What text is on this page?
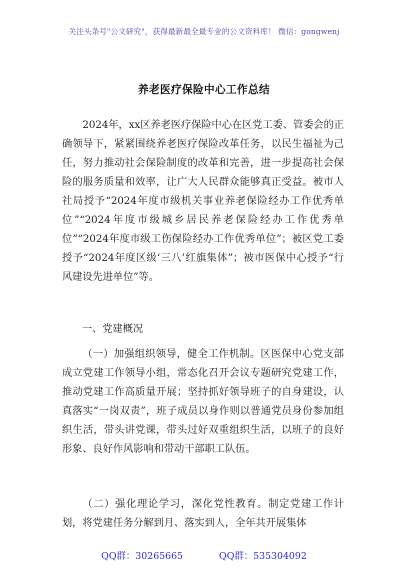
关注头条号"公文研究"，获得最新最全最专业的公文资料库！ 微信：gongwenj
养老医疗保险中心工作总结

2024年，xx区养老医疗保险中心在区党工委、管委会的正确领导下，紧紧围绕养老医疗保险改革任务，以民生福祉为己任，努力推动社会保险制度的改革和完善，进一步提高社会保险的服务质量和效率，让广大人民群众能够真正受益。被市人社局授予“2024年度市级机关事业养老保险经办工作优秀单位”“2024年度市级城乡居民养老保险经办工作优秀单位”“2024年度市级工伤保险经办工作优秀单位”；被区党工委授予“2024年度区级‘三八’红旗集体”；被市医保中心授予“行风建设先进单位”等。

一、党建概况

（一）加强组织领导，健全工作机制。区医保中心党支部成立党建工作领导小组，常态化召开会议专题研究党建工作，推动党建工作高质量开展；坚持抓好领导班子的自身建设，认真落实“一岗双责”，班子成员以身作则以普通党员身份参加组织生活，带头讲党课，带头过好双重组织生活，以班子的良好形象、良好作风影响和带动干部职工队伍。

（二）强化理论学习，深化党性教育。制定党建工作计划，将党建任务分解到月、落实到人，全年共开展集体

QQ群：30265665	QQ群：535304092
